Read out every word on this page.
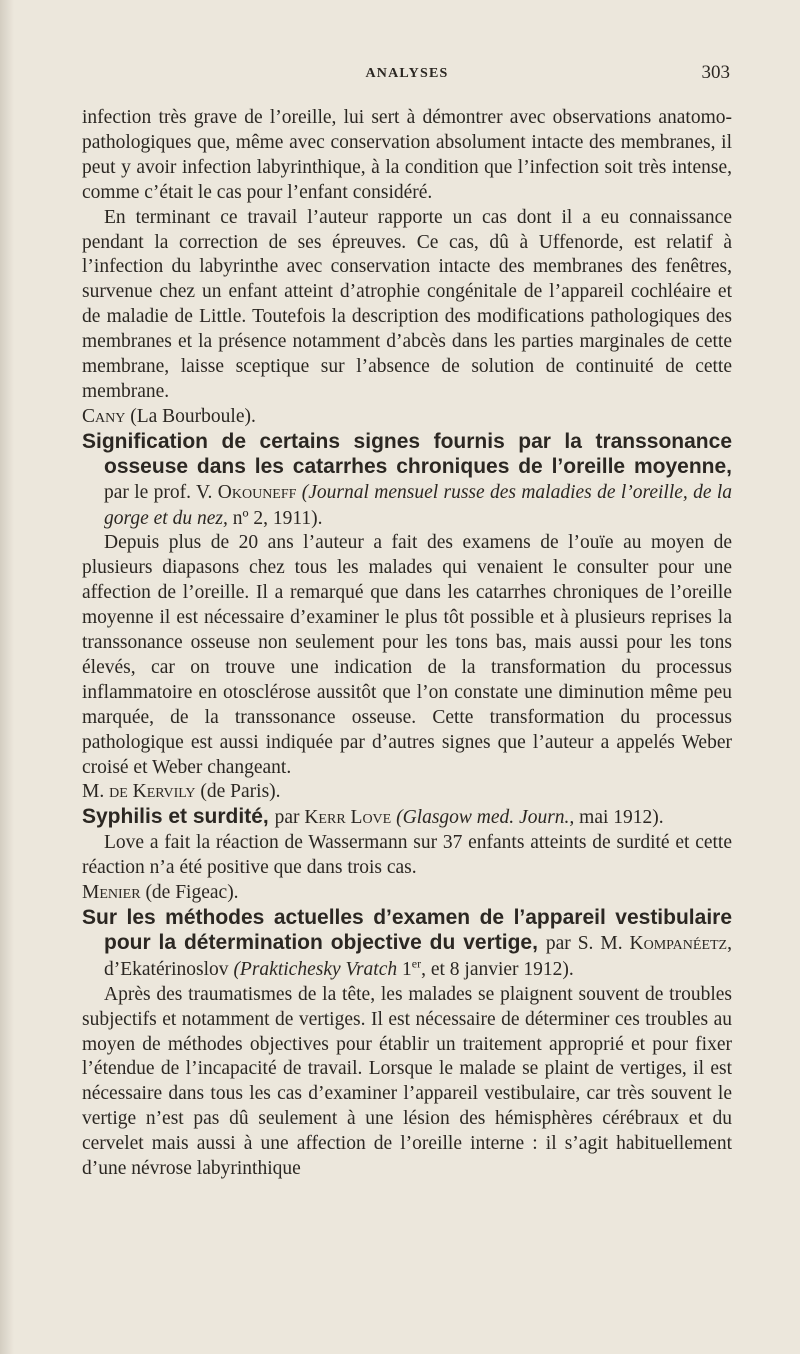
ANALYSES	303

infection très grave de l’oreille, lui sert à démontrer avec observations anatomo-pathologiques que, même avec conservation absolument intacte des membranes, il peut y avoir infection labyrinthique, à la condition que l’infection soit très intense, comme c’était le cas pour l’enfant considéré.

En terminant ce travail l’auteur rapporte un cas dont il a eu connaissance pendant la correction de ses épreuves. Ce cas, dû à Uffenorde, est relatif à l’infection du labyrinthe avec conservation intacte des membranes des fenêtres, survenue chez un enfant atteint d’atrophie congénitale de l’appareil cochléaire et de maladie de Little. Toutefois la description des modifications pathologiques des membranes et la présence notamment d’abcès dans les parties marginales de cette membrane, laisse sceptique sur l’absence de solution de continuité de cette membrane.

Cany (La Bourboule).

Signification de certains signes fournis par la transsonance osseuse dans les catarrhes chroniques de l’oreille moyenne, par le prof. V. Okouneff (Journal mensuel russe des maladies de l’oreille, de la gorge et du nez, nº 2, 1911).

Depuis plus de 20 ans l’auteur a fait des examens de l’ouïe au moyen de plusieurs diapasons chez tous les malades qui venaient le consulter pour une affection de l’oreille. Il a remarqué que dans les catarrhes chroniques de l’oreille moyenne il est nécessaire d’examiner le plus tôt possible et à plusieurs reprises la transsonance osseuse non seulement pour les tons bas, mais aussi pour les tons élevés, car on trouve une indication de la transformation du processus inflammatoire en otosclérose aussitôt que l’on constate une diminution même peu marquée, de la transsonance osseuse. Cette transformation du processus pathologique est aussi indiquée par d’autres signes que l’auteur a appelés Weber croisé et Weber changeant.

M. de Kervily (de Paris).

Syphilis et surdité, par Kerr Love (Glasgow med. Journ., mai 1912).

Love a fait la réaction de Wassermann sur 37 enfants atteints de surdité et cette réaction n’a été positive que dans trois cas.

Menier (de Figeac).

Sur les méthodes actuelles d’examen de l’appareil vestibulaire pour la détermination objective du vertige, par S. M. Kompanéetz, d’Ekatérinoslov (Praktichesky Vratch 1er, et 8 janvier 1912).

Après des traumatismes de la tête, les malades se plaignent souvent de troubles subjectifs et notamment de vertiges. Il est nécessaire de déterminer ces troubles au moyen de méthodes objectives pour établir un traitement approprié et pour fixer l’étendue de l’incapacité de travail. Lorsque le malade se plaint de vertiges, il est nécessaire dans tous les cas d’examiner l’appareil vestibulaire, car très souvent le vertige n’est pas dû seulement à une lésion des hémisphères cérébraux et du cervelet mais aussi à une affection de l’oreille interne : il s’agit habituellement d’une névrose labyrinthique
